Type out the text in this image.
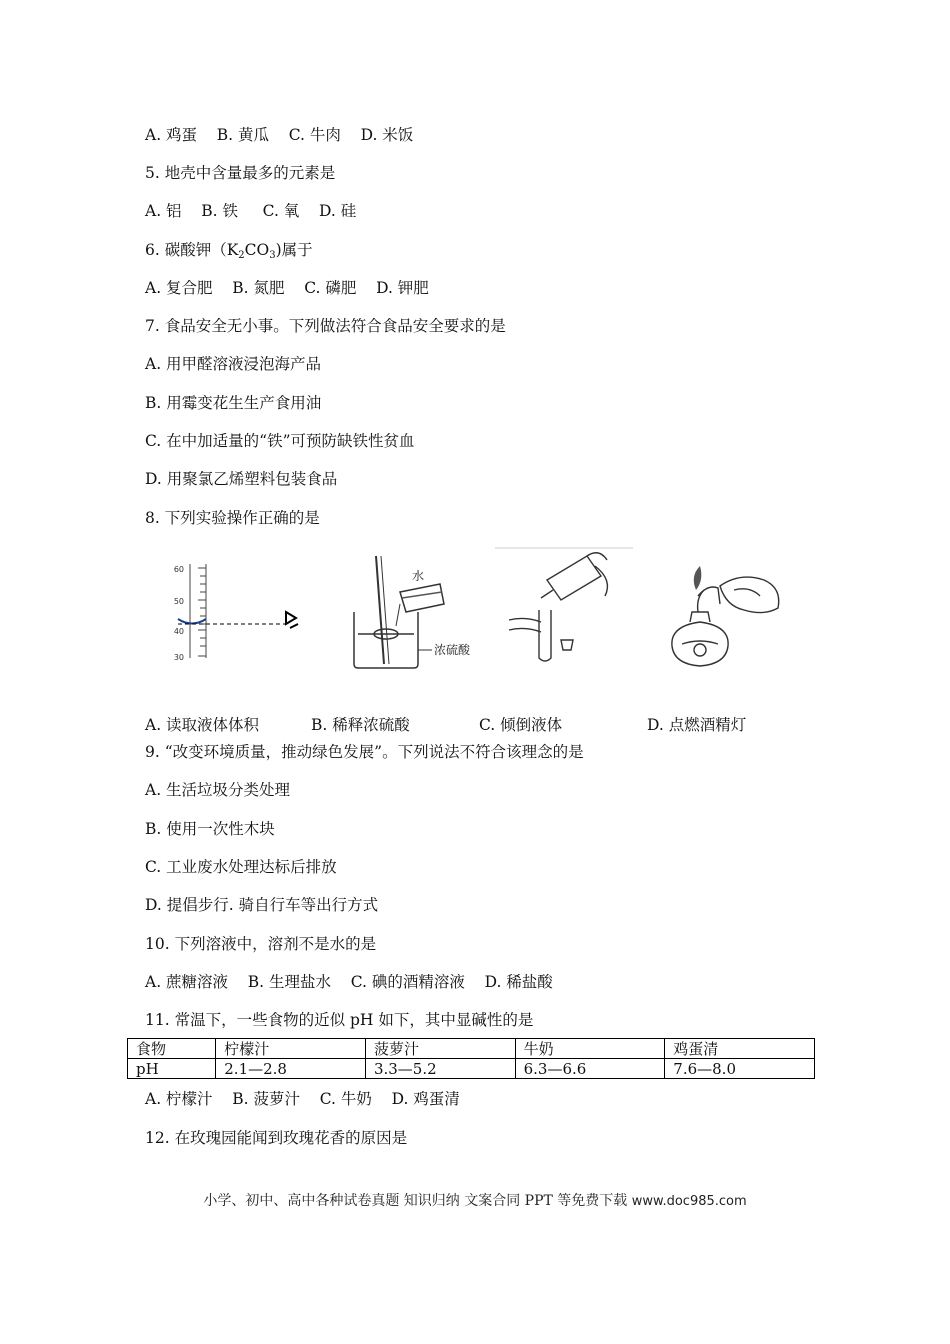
A. 鸡蛋    B. 黄瓜    C. 牛肉    D. 米饭
5. 地壳中含量最多的元素是
A. 铝    B. 铁     C. 氧    D. 硅
6. 碳酸钾$(K_2CO_3)$属于
A. 复合肥    B. 氮肥    C. 磷肥    D. 钾肥
7. 食品安全无小事。下列做法符合食品安全要求的是
A. 用甲醛溶液浸泡海产品
B. 用霉变花生生产食用油
C. 在中加适量的“铁”可预防缺铁性贫血
D. 用聚氯乙烯塑料包装食品
8. 下列实验操作正确的是
60
50
40
30
水
浓硫酸
A. 读取液体体积	B. 稀释浓硫酸	C. 倾倒液体	D. 点燃酒精灯
9. “改变环境质量，推动绿色发展”。下列说法不符合该理念的是
A. 生活垃圾分类处理
B. 使用一次性木块
C. 工业废水处理达标后排放
D. 提倡步行. 骑自行车等出行方式
10. 下列溶液中，溶剂不是水的是
A. 蔗糖溶液    B. 生理盐水    C. 碘的酒精溶液    D. 稀盐酸
11. 常温下，一些食物的近似 pH 如下，其中显碱性的是
食物	柠檬汁	菠萝汁	牛奶	鸡蛋清
pH	2.1—2.8	3.3—5.2	6.3—6.6	7.6—8.0
A. 柠檬汁    B. 菠萝汁    C. 牛奶    D. 鸡蛋清
12. 在玫瑰园能闻到玫瑰花香的原因是
小学、初中、高中各种试卷真题 知识归纳 文案合同 PPT 等免费下载 www.doc985.com
